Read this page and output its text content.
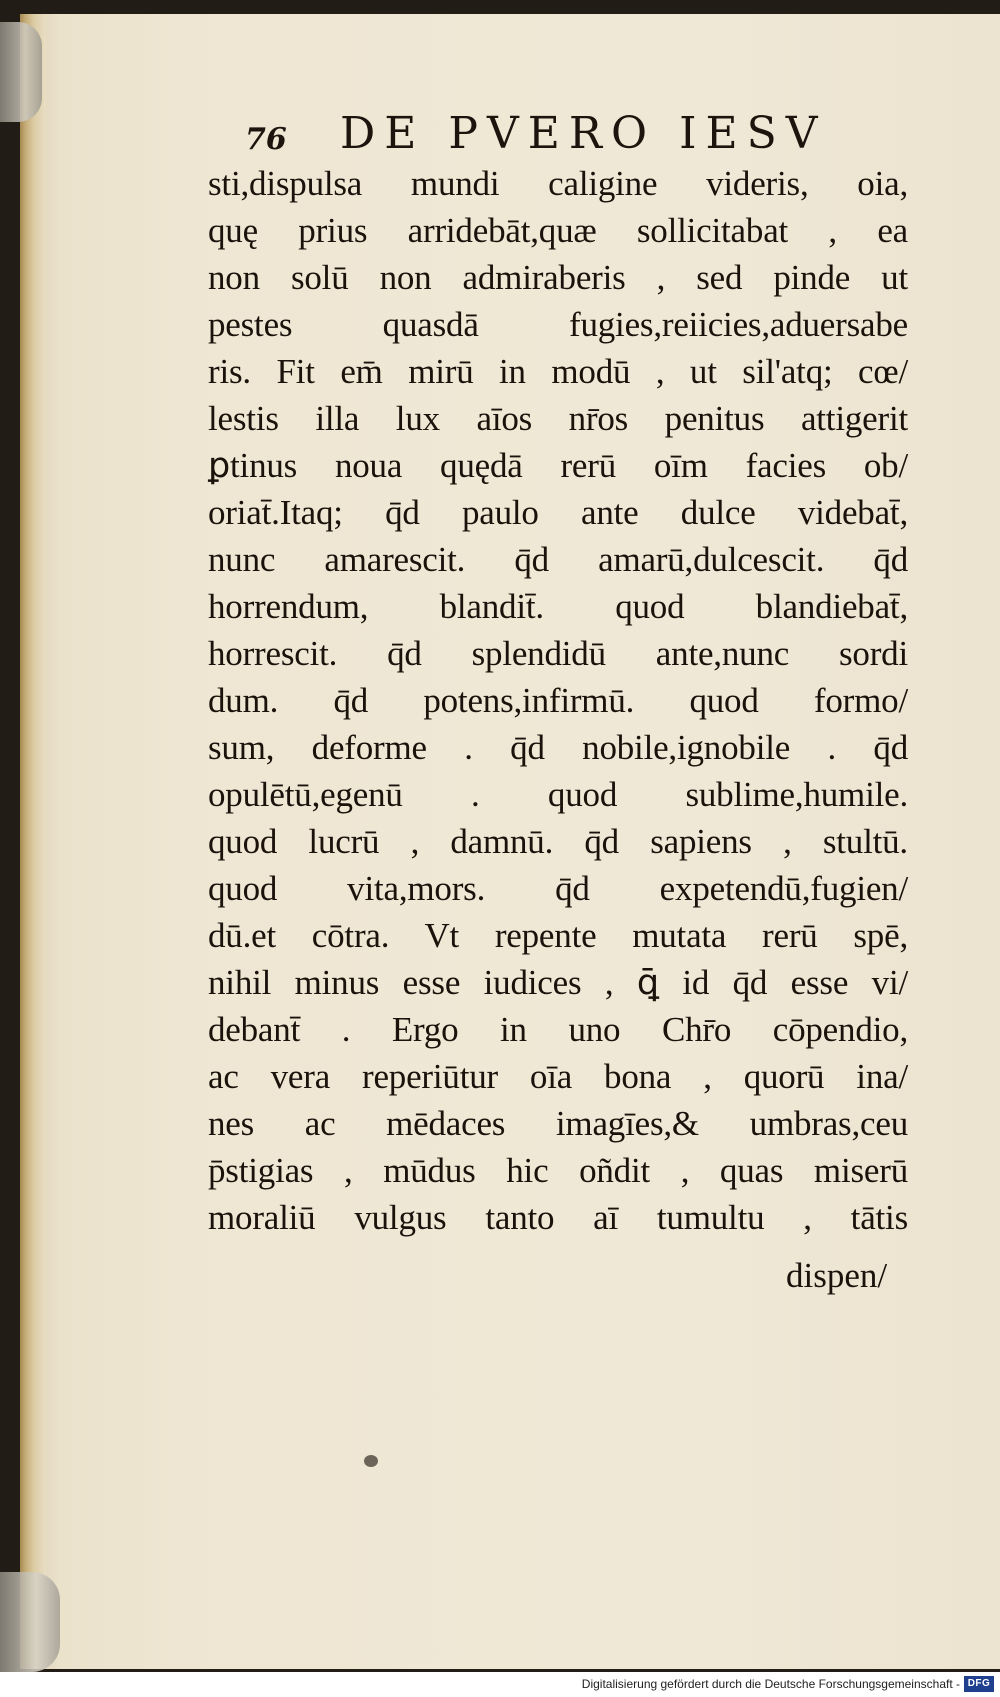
76 DE PVERO IESV
sti,dispulsa mundi caligine videris, oia,
quę prius arridebāt,quæ sollicitabat , ea
non solū non admiraberis , sed pinde ut
pestes quasdā fugies,reiicies,aduersabe
ris. Fit em̄ mirū in modū , ut sil'atq; cœ/
lestis illa lux aīos nr̄os penitus attigerit
ꝑtinus noua quędā rerū oīm facies ob/
oriat̄.Itaq; q̄d paulo ante dulce videbat̄,
nunc amarescit. q̄d amarū,dulcescit. q̄d
horrendum, blandit̄. quod blandiebat̄,
horrescit. q̄d splendidū ante,nunc sordi
dum. q̄d potens,infirmū. quod formo/
sum, deforme . q̄d nobile,ignobile . q̄d
opulētū,egenū . quod sublime,humile.
quod lucrū , damnū. q̄d sapiens , stultū.
quod vita,mors. q̄d expetendū,fugien/
dū.et cōtra. Vt repente mutata rerū spē,
nihil minus esse iudices , ꝗ̄ id q̄d esse vi/
debant̄ . Ergo in uno Chr̄o cōpendio,
ac vera reperiūtur oīa bona , quorū ina/
nes ac mēdaces imagīes,& umbras,ceu
p̄stigias , mūdus hic oñdit , quas miserū
moraliū vulgus tanto aī tumultu , tātis
dispen/
Digitalisierung gefördert durch die Deutsche Forschungsgemeinschaft - DFG
